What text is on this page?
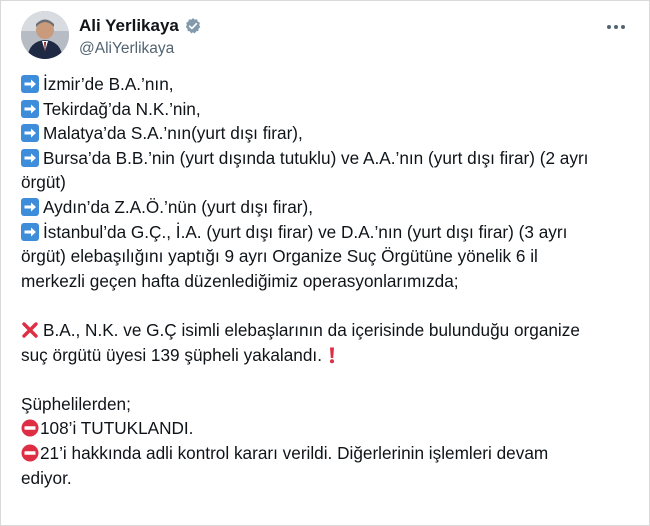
Ali Yerlikaya
@AliYerlikaya
İzmir’de B.A.’nın,
Tekirdağ’da N.K.’nin,
Malatya’da S.A.’nın(yurt dışı firar),
Bursa’da B.B.’nin (yurt dışında tutuklu) ve A.A.’nın (yurt dışı firar) (2 ayrı
örgüt)
Aydın’da Z.A.Ö.’nün (yurt dışı firar),
İstanbul’da G.Ç., İ.A. (yurt dışı firar) ve D.A.’nın (yurt dışı firar) (3 ayrı
örgüt) elebaşılığını yaptığı 9 ayrı Organize Suç Örgütüne yönelik 6 il
merkezli geçen hafta düzenlediğimiz operasyonlarımızda;
B.A., N.K. ve G.Ç isimli elebaşlarının da içerisinde bulunduğu organize
suç örgütü üyesi 139 şüpheli yakalandı.
Şüphelilerden;
108’i TUTUKLANDI.
21’i hakkında adli kontrol kararı verildi. Diğerlerinin işlemleri devam
ediyor.
